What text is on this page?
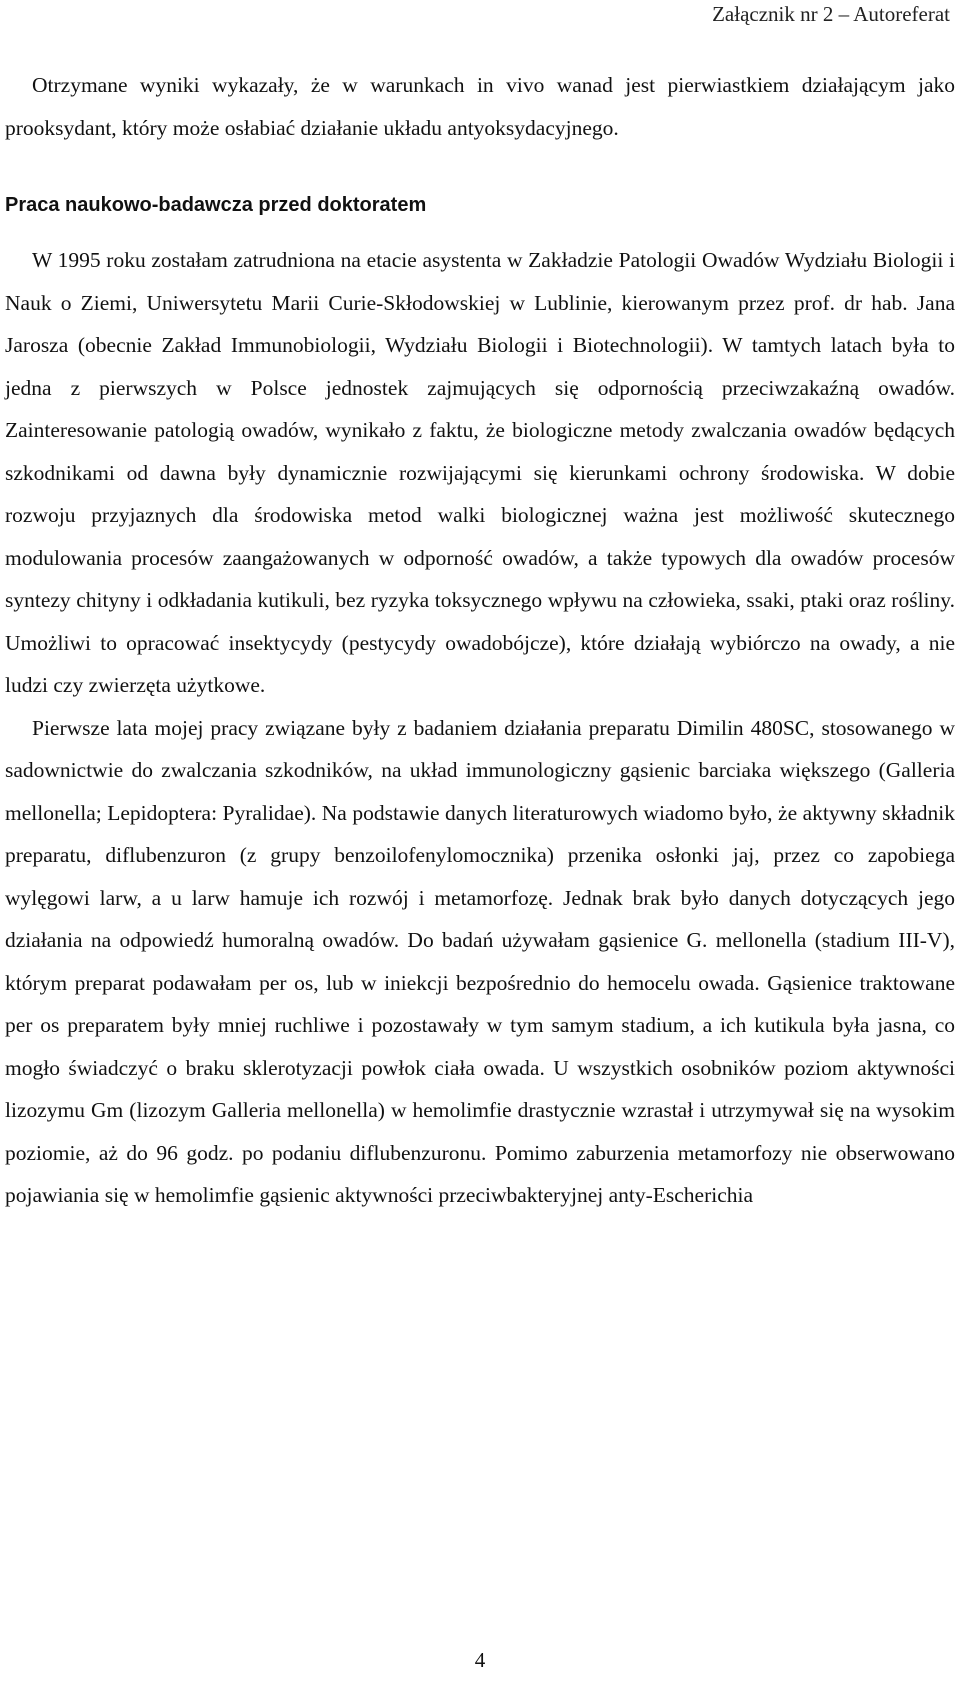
Załącznik nr 2 – Autoreferat

Otrzymane wyniki wykazały, że w warunkach in vivo wanad jest pierwiastkiem działającym jako prooksydant, który może osłabiać działanie układu antyoksydacyjnego.

Praca naukowo-badawcza przed doktoratem

W 1995 roku zostałam zatrudniona na etacie asystenta w Zakładzie Patologii Owadów Wydziału Biologii i Nauk o Ziemi, Uniwersytetu Marii Curie-Skłodowskiej w Lublinie, kierowanym przez prof. dr hab. Jana Jarosza (obecnie Zakład Immunobiologii, Wydziału Biologii i Biotechnologii). W tamtych latach była to jedna z pierwszych w Polsce jednostek zajmujących się odpornością przeciwzakaźną owadów. Zainteresowanie patologią owadów, wynikało z faktu, że biologiczne metody zwalczania owadów będących szkodnikami od dawna były dynamicznie rozwijającymi się kierunkami ochrony środowiska. W dobie rozwoju przyjaznych dla środowiska metod walki biologicznej ważna jest możliwość skutecznego modulowania procesów zaangażowanych w odporność owadów, a także typowych dla owadów procesów syntezy chityny i odkładania kutikuli, bez ryzyka toksycznego wpływu na człowieka, ssaki, ptaki oraz rośliny. Umożliwi to opracować insektycydy (pestycydy owadobójcze), które działają wybiórczo na owady, a nie ludzi czy zwierzęta użytkowe.

Pierwsze lata mojej pracy związane były z badaniem działania preparatu Dimilin 480SC, stosowanego w sadownictwie do zwalczania szkodników, na układ immunologiczny gąsienic barciaka większego (Galleria mellonella; Lepidoptera: Pyralidae). Na podstawie danych literaturowych wiadomo było, że aktywny składnik preparatu, diflubenzuron (z grupy benzoilofenylomocznika) przenika osłonki jaj, przez co zapobiega wylęgowi larw, a u larw hamuje ich rozwój i metamorfozę. Jednak brak było danych dotyczących jego działania na odpowiedź humoralną owadów. Do badań używałam gąsienice G. mellonella (stadium III-V), którym preparat podawałam per os, lub w iniekcji bezpośrednio do hemocelu owada. Gąsienice traktowane per os preparatem były mniej ruchliwe i pozostawały w tym samym stadium, a ich kutikula była jasna, co mogło świadczyć o braku sklerotyzacji powłok ciała owada. U wszystkich osobników poziom aktywności lizozymu Gm (lizozym Galleria mellonella) w hemolimfie drastycznie wzrastał i utrzymywał się na wysokim poziomie, aż do 96 godz. po podaniu diflubenzuronu. Pomimo zaburzenia metamorfozy nie obserwowano pojawiania się w hemolimfie gąsienic aktywności przeciwbakteryjnej anty-Escherichia

4
